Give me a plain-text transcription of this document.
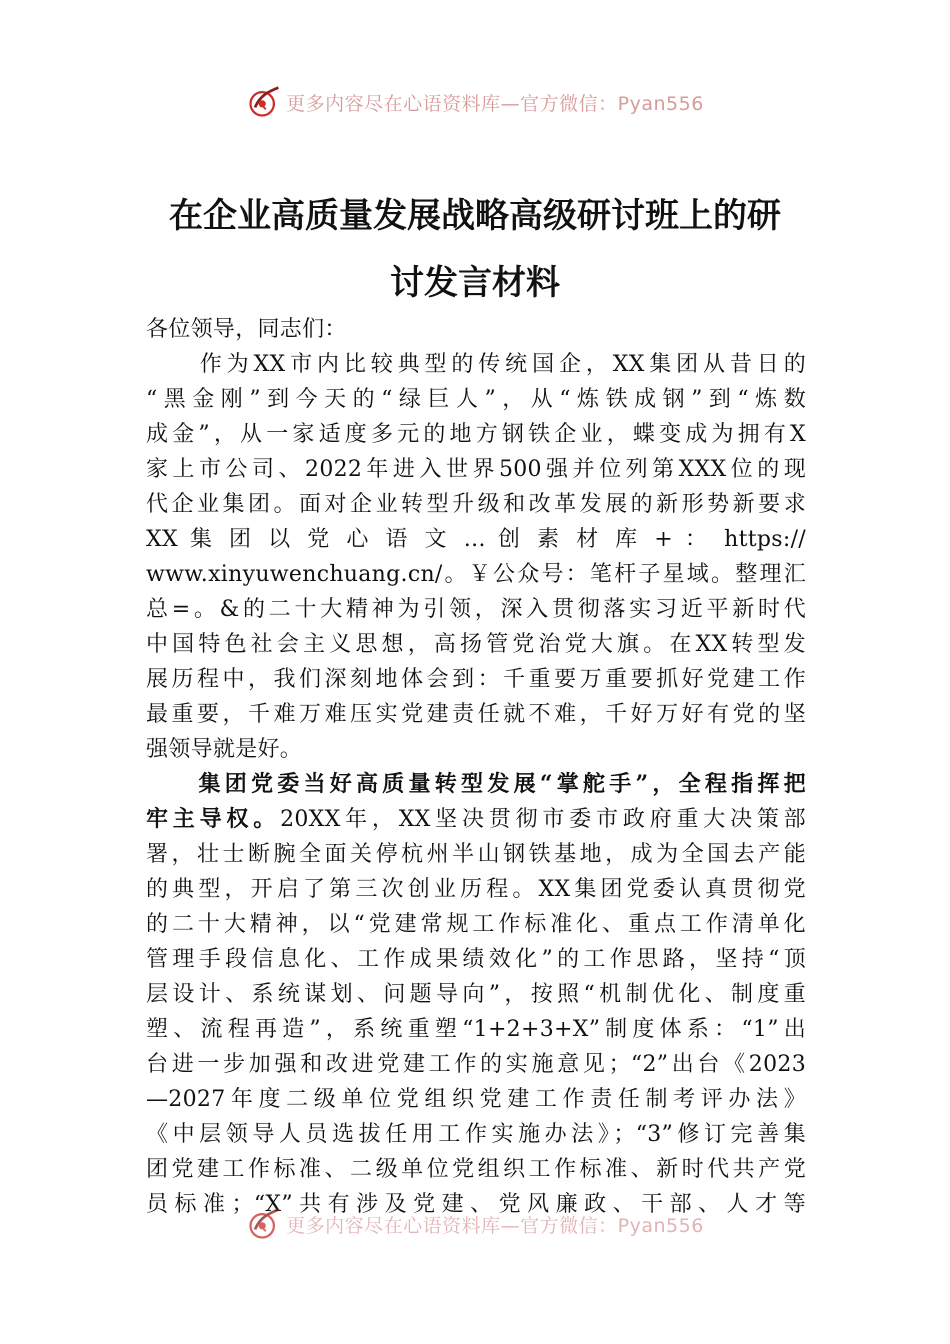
更多内容尽在心语资料库—官方微信：Pyan556
在企业高质量发展战略高级研讨班上的研
讨发言材料
各位领导，同志们：
　　作为XX市内比较典型的传统国企，XX集团从昔日的
“黑金刚”到今天的“绿巨人”，从“炼铁成钢”到“炼数
成金”，从一家适度多元的地方钢铁企业，蝶变成为拥有X
家上市公司、2022年进入世界500强并位列第XXX位的现
代企业集团。面对企业转型升级和改革发展的新形势新要求
XX 集 团 以 党 心 语 文 … 创 素 材 库 + ： https://
www.xinyuwenchuang.cn/。￥公众号：笔杆子星域。整理汇
总=。&的二十大精神为引领，深入贯彻落实习近平新时代
中国特色社会主义思想，高扬管党治党大旗。在XX转型发
展历程中，我们深刻地体会到：千重要万重要抓好党建工作
最重要，千难万难压实党建责任就不难，千好万好有党的坚
强领导就是好。
　　集团党委当好高质量转型发展“掌舵手”，全程指挥把
牢主导权。20XX年，XX坚决贯彻市委市政府重大决策部
署，壮士断腕全面关停杭州半山钢铁基地，成为全国去产能
的典型，开启了第三次创业历程。XX集团党委认真贯彻党
的二十大精神，以“党建常规工作标准化、重点工作清单化
管理手段信息化、工作成果绩效化”的工作思路，坚持“顶
层设计、系统谋划、问题导向”，按照“机制优化、制度重
塑、流程再造”，系统重塑“1+2+3+X”制度体系：“1”出
台进一步加强和改进党建工作的实施意见；“2”出台《2023
—2027年度二级单位党组织党建工作责任制考评办法》
《中层领导人员选拔任用工作实施办法》；“3”修订完善集
团党建工作标准、二级单位党组织工作标准、新时代共产党
员标准；“X”共有涉及党建、党风廉政、干部、人才等
更多内容尽在心语资料库—官方微信：Pyan556
